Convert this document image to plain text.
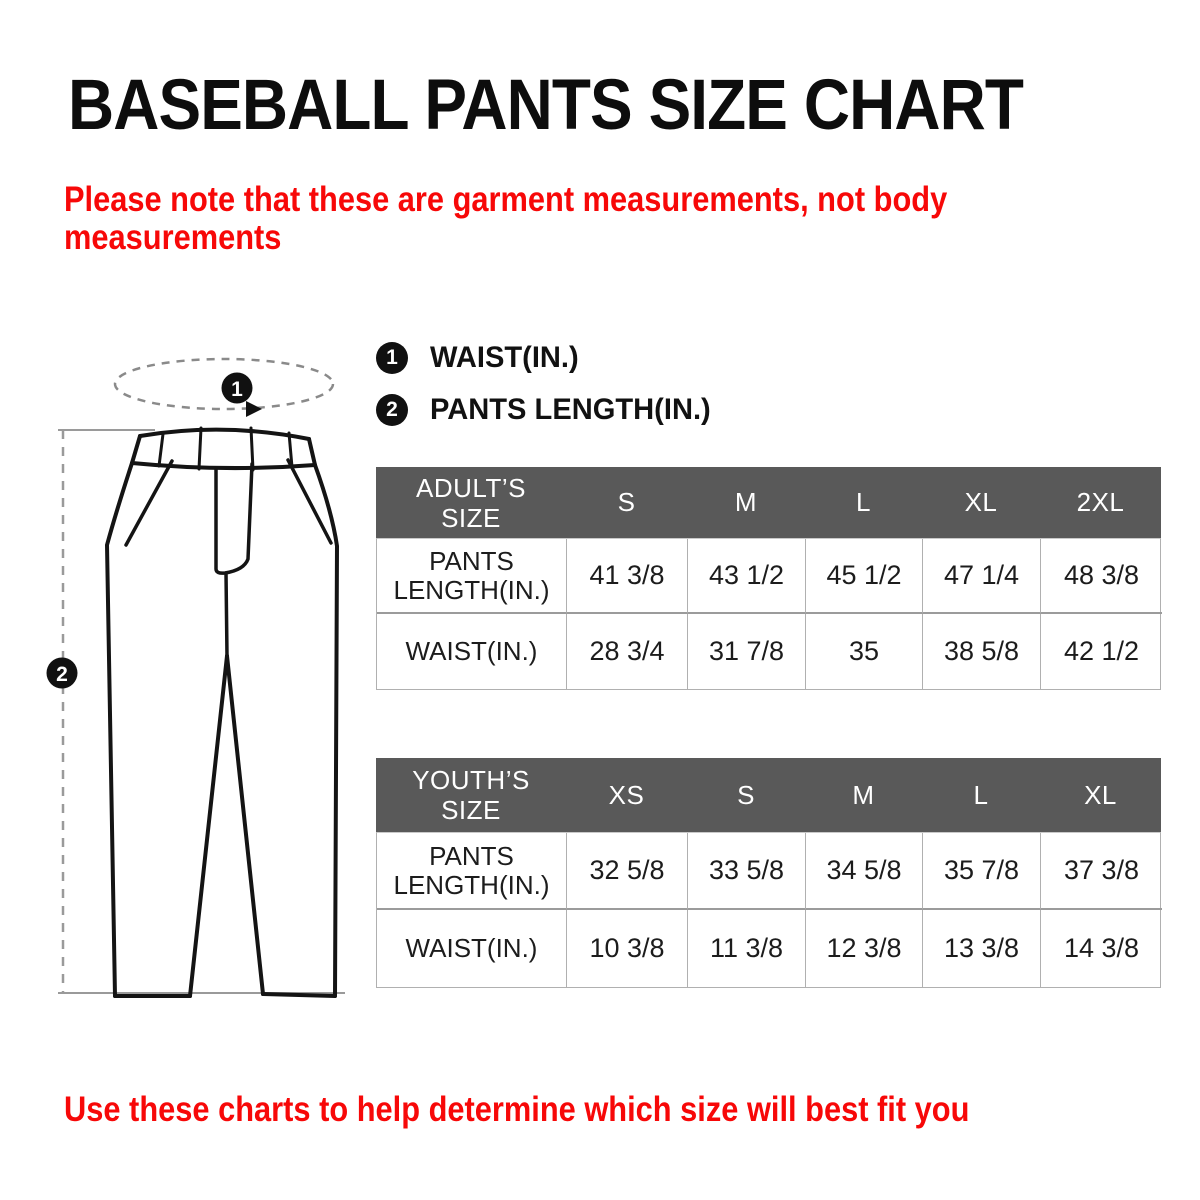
BASEBALL PANTS SIZE CHART
Please note that these are garment measurements, not body
measurements
1
2
1 WAIST(IN.)
2 PANTS LENGTH(IN.)
ADULT’S
SIZE
S	M	L	XL	2XL
PANTS
LENGTH(IN.)	41 3/8	43 1/2	45 1/2	47 1/4	48 3/8
WAIST(IN.)	28 3/4	31 7/8	35	38 5/8	42 1/2
YOUTH’S
SIZE
XS	S	M	L	XL
PANTS
LENGTH(IN.)	32 5/8	33 5/8	34 5/8	35 7/8	37 3/8
WAIST(IN.)	10 3/8	11 3/8	12 3/8	13 3/8	14 3/8
Use these charts to help determine which size will best fit you
